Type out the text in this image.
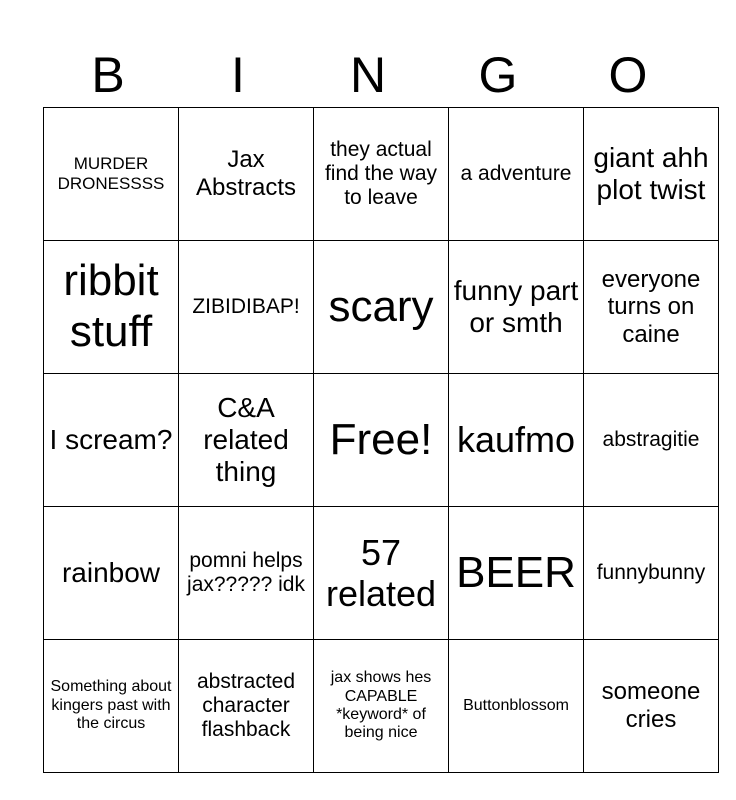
B	I	N	G	O
MURDER DRONESSSS	Jax Abstracts	they actual find the way to leave	a adventure	giant ahh plot twist
ribbit stuff	ZIBIDIBAP!	scary	funny part or smth	everyone turns on caine
I scream?	C&A related thing	Free!	kaufmo	abstragitie
rainbow	pomni helps jax????? idk	57 related	BEER	funnybunny
Something about kingers past with the circus	abstracted character flashback	jax shows hes CAPABLE *keyword* of being nice	Buttonblossom	someone cries
